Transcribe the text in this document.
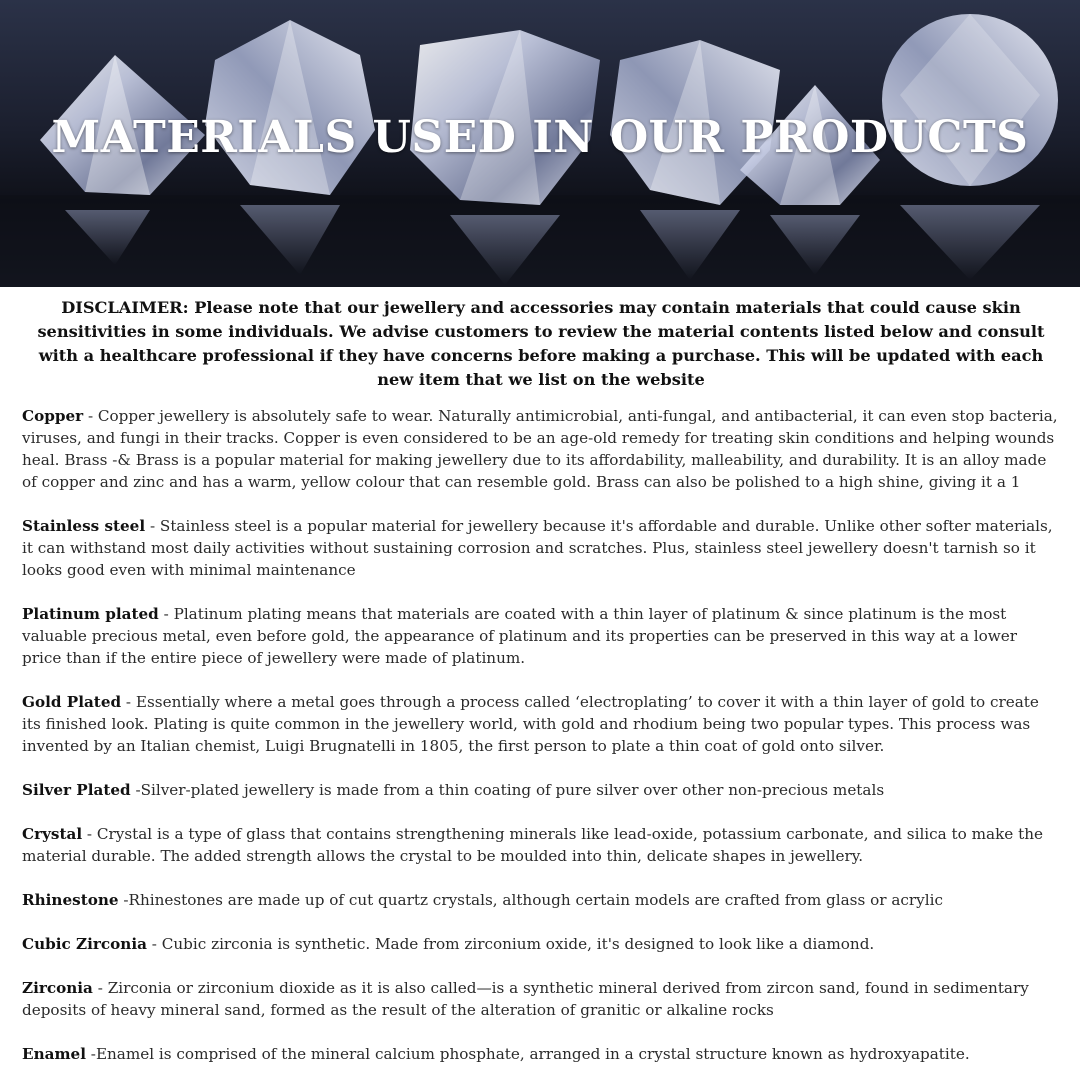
MATERIALS USED IN OUR PRODUCTS

DISCLAIMER: Please note that our jewellery and accessories may contain materials that could cause skin sensitivities in some individuals. We advise customers to review the material contents listed below and consult with a healthcare professional if they have concerns before making a purchase. This will be updated with each new item that we list on the website

Copper - Copper jewellery is absolutely safe to wear. Naturally antimicrobial, anti-fungal, and antibacterial, it can even stop bacteria, viruses, and fungi in their tracks. Copper is even considered to be an age-old remedy for treating skin conditions and helping wounds heal. Brass -& Brass is a popular material for making jewellery due to its affordability, malleability, and durability. It is an alloy made of copper and zinc and has a warm, yellow colour that can resemble gold. Brass can also be polished to a high shine, giving it a 1

Stainless steel - Stainless steel is a popular material for jewellery because it's affordable and durable. Unlike other softer materials, it can withstand most daily activities without sustaining corrosion and scratches. Plus, stainless steel jewellery doesn't tarnish so it looks good even with minimal maintenance

Platinum plated - Platinum plating means that materials are coated with a thin layer of platinum & since platinum is the most valuable precious metal, even before gold, the appearance of platinum and its properties can be preserved in this way at a lower price than if the entire piece of jewellery were made of platinum.

Gold Plated - Essentially where a metal goes through a process called ‘electroplating’ to cover it with a thin layer of gold to create its finished look. Plating is quite common in the jewellery world, with gold and rhodium being two popular types. This process was invented by an Italian chemist, Luigi Brugnatelli in 1805, the first person to plate a thin coat of gold onto silver.

Silver Plated -Silver-plated jewellery is made from a thin coating of pure silver over other non-precious metals

Crystal - Crystal is a type of glass that contains strengthening minerals like lead-oxide, potassium carbonate, and silica to make the material durable. The added strength allows the crystal to be moulded into thin, delicate shapes in jewellery.

Rhinestone -Rhinestones are made up of cut quartz crystals, although certain models are crafted from glass or acrylic

Cubic Zirconia - Cubic zirconia is synthetic. Made from zirconium oxide, it's designed to look like a diamond.

Zirconia - Zirconia or zirconium dioxide as it is also called—is a synthetic mineral derived from zircon sand, found in sedimentary deposits of heavy mineral sand, formed as the result of the alteration of granitic or alkaline rocks

Enamel -Enamel is comprised of the mineral calcium phosphate, arranged in a crystal structure known as hydroxyapatite.
